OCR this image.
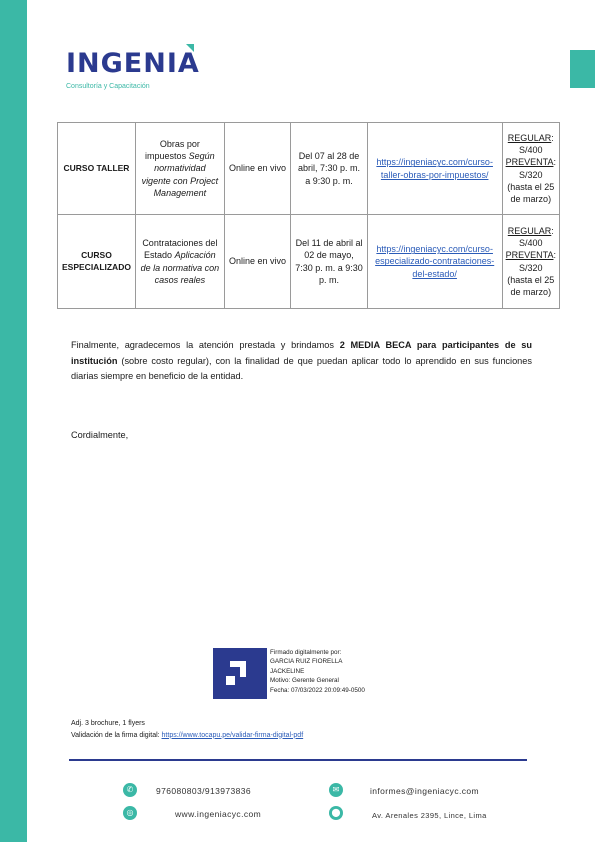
INGENIA
Consultoría y Capacitación
CURSO TALLER	Obras por impuestos Según normatividad vigente con Project Management	Online en vivo	Del 07 al 28 de abril, 7:30 p. m. a 9:30 p. m.	https://ingeniacyc.com/curso-taller-obras-por-impuestos/	REGULAR: S/400 PREVENTA: S/320 (hasta el 25 de marzo)
CURSO ESPECIALIZADO	Contrataciones del Estado Aplicación de la normativa con casos reales	Online en vivo	Del 11 de abril al 02 de mayo, 7:30 p. m. a 9:30 p. m.	https://ingeniacyc.com/curso-especializado-contrataciones-del-estado/	REGULAR: S/400 PREVENTA: S/320 (hasta el 25 de marzo)
Finalmente, agradecemos la atención prestada y brindamos 2 MEDIA BECA para participantes de su institución (sobre costo regular), con la finalidad de que puedan aplicar todo lo aprendido en sus funciones diarias siempre en beneficio de la entidad.
Cordialmente,
Firmado digitalmente por:
GARCIA RUIZ FIORELLA
JACKELINE
Motivo: Gerente General
Fecha: 07/03/2022 20:09:49-0500
Adj. 3 brochure, 1 flyers
Validación de la firma digital: https://www.tocapu.pe/validar-firma-digital-pdf
✆	976080803/913973836	✉	informes@ingeniacyc.com
◎	www.ingeniacyc.com	⬤	Av. Arenales 2395, Lince, Lima
